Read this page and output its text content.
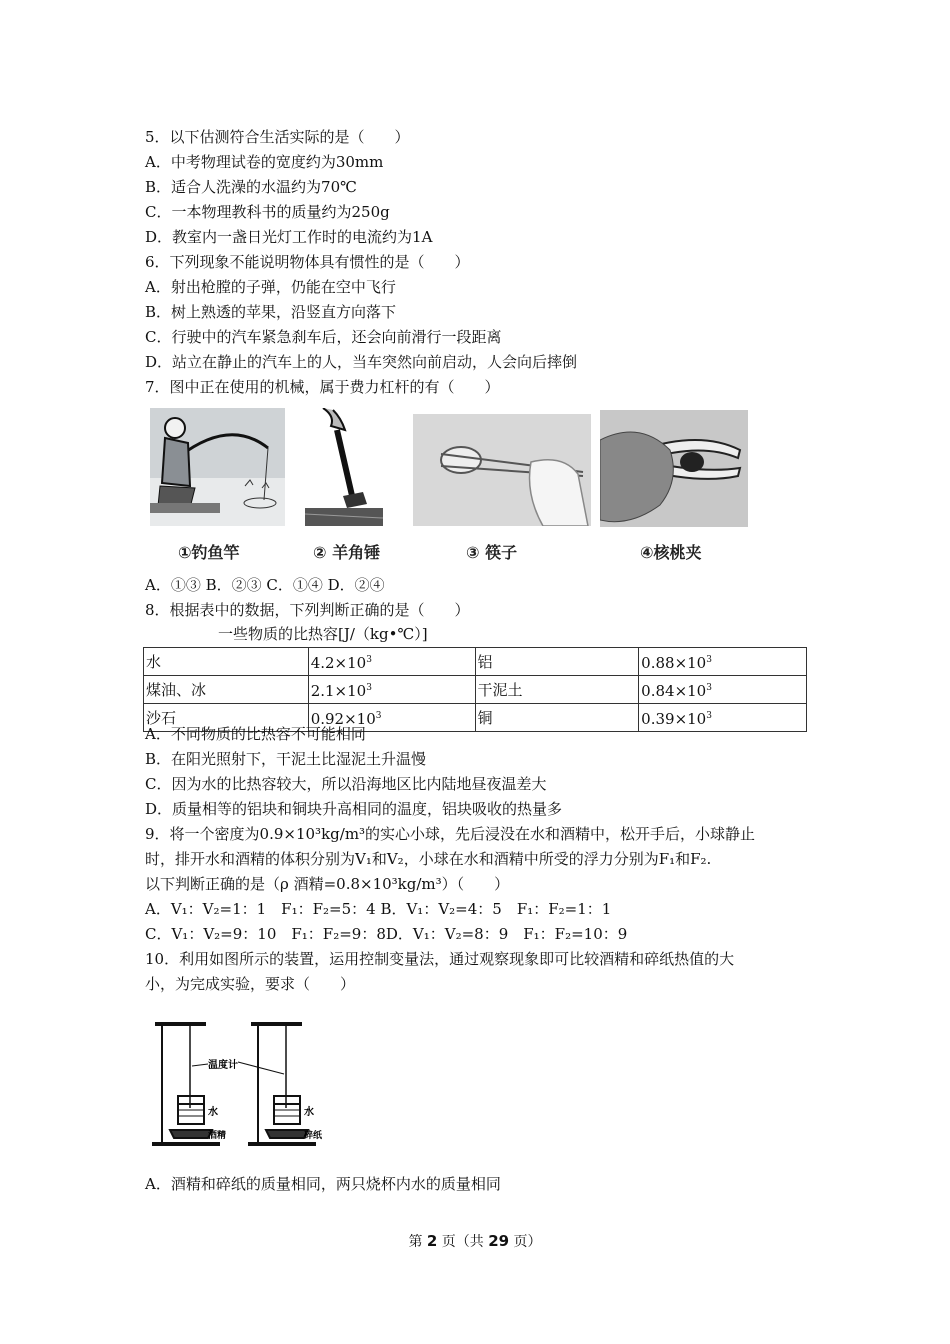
5．以下估测符合生活实际的是（　　）
A．中考物理试卷的宽度约为30mm
B．适合人洗澡的水温约为70℃
C．一本物理教科书的质量约为250g
D．教室内一盏日光灯工作时的电流约为1A
6．下列现象不能说明物体具有惯性的是（　　）
A．射出枪膛的子弹，仍能在空中飞行
B．树上熟透的苹果，沿竖直方向落下
C．行驶中的汽车紧急刹车后，还会向前滑行一段距离
D．站立在静止的汽车上的人，当车突然向前启动，人会向后摔倒
7．图中正在使用的机械，属于费力杠杆的有（　　）
①钓鱼竿	② 羊角锤	③ 筷子	④核桃夹
A．①③ B．②③ C．①④ D．②④
8．根据表中的数据，下列判断正确的是（　　）
一些物质的比热容[J/（kg•℃）]
水	$4.2\times 10^3$	铝	$0.88\times 10^3$
煤油、冰	$2.1\times 10^3$	干泥土	$0.84\times 10^3$
沙石	$0.92\times 10^3$	铜	$0.39\times 10^3$
A．不同物质的比热容不可能相同
B．在阳光照射下，干泥土比湿泥土升温慢
C．因为水的比热容较大，所以沿海地区比内陆地昼夜温差大
D．质量相等的铝块和铜块升高相同的温度，铝块吸收的热量多
9．将一个密度为0.9×10³kg/m³的实心小球，先后浸没在水和酒精中，松开手后，小球静止
时，排开水和酒精的体积分别为V₁和V₂，小球在水和酒精中所受的浮力分别为F₁和F₂.
以下判断正确的是（ρ 酒精=0.8×10³kg/m³）（　　）
A．V₁：V₂=1：1　F₁：F₂=5：4 B．V₁：V₂=4：5　F₁：F₂=1：1
C．V₁：V₂=9：10　F₁：F₂=9：8D．V₁：V₂=8：9　F₁：F₂=10：9
10．利用如图所示的装置，运用控制变量法，通过观察现象即可比较酒精和碎纸热值的大
小，为完成实验，要求（　　）
温度计
水	水
酒精	碎纸
A．酒精和碎纸的质量相同，两只烧杯内水的质量相同
第 2 页（共 29 页）
